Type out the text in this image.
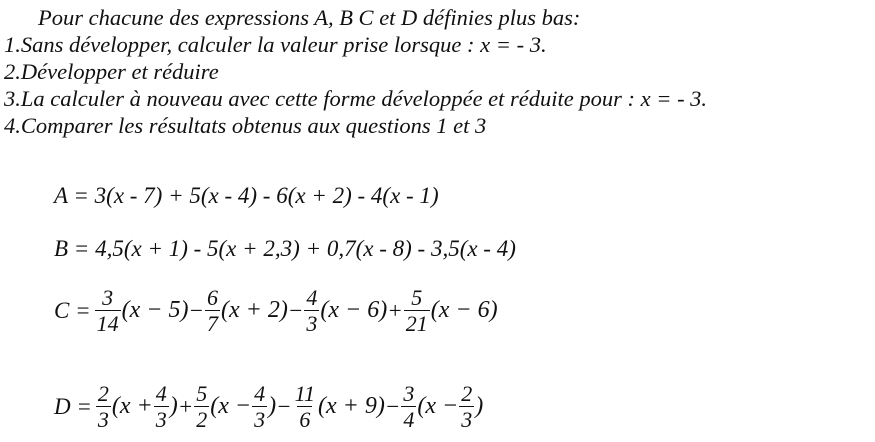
Pour chacune des expressions A, B C et D définies plus bas:
1.Sans développer, calculer la valeur prise lorsque : x = - 3.
2.Développer et réduire
3.La calculer à nouveau avec cette forme développée et réduite pour : x = - 3.
4.Comparer les résultats obtenus aux questions 1 et 3
A = 3(x - 7) + 5(x - 4) - 6(x + 2) - 4(x - 1)
B = 4,5(x + 1) - 5(x + 2,3) + 0,7(x - 8) - 3,5(x - 4)
$C = \frac{3}{14} (x - 5) - \frac{6}{7} (x + 2) - \frac{4}{3} (x - 6) + \frac{5}{21} (x - 6)$
$D = \frac{2}{3} (x + \frac{4}{3}$ ) + $\frac{5}{2} (x - \frac{4}{3}$ ) − $\frac{11}{6} (x + 9) - \frac{3}{4} (x - \frac{2}{3}$ )
